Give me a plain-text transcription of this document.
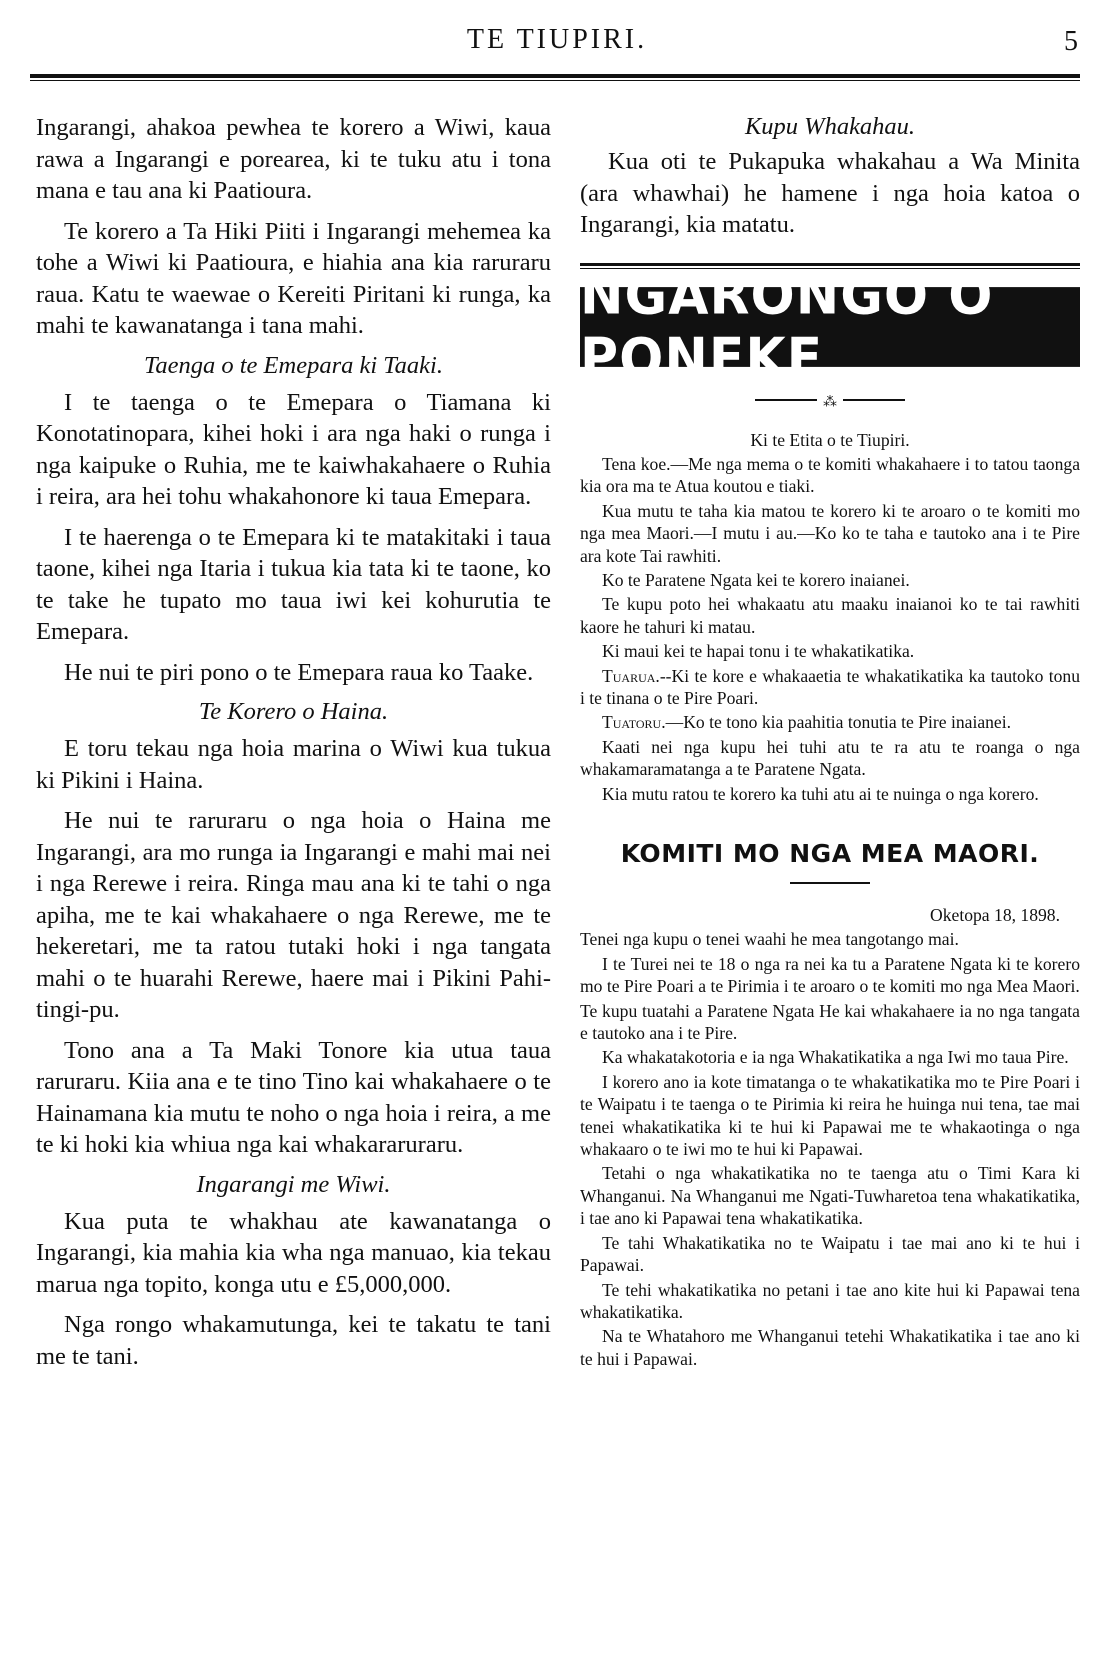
TE TIUPIRI.	5

Ingarangi, ahakoa pewhea te korero a Wiwi, kaua rawa a Ingarangi e porearea, ki te tuku atu i tona mana e tau ana ki Paatioura.

Te korero a Ta Hiki Piiti i Ingarangi mehemea ka tohe a Wiwi ki Paatioura, e hiahia ana kia raruraru raua. Katu te waewae o Kereiti Piritani ki runga, ka mahi te kawanatanga i tana mahi.

Taenga o te Emepara ki Taaki.

I te taenga o te Emepara o Tiamana ki Konotatinopara, kihei hoki i ara nga haki o runga i nga kaipuke o Ruhia, me te kaiwhakahaere o Ruhia i reira, ara hei tohu whakahonore ki taua Emepara.

I te haerenga o te Emepara ki te matakitaki i taua taone, kihei nga Itaria i tukua kia tata ki te taone, ko te take he tupato mo taua iwi kei kohurutia te Emepara.

He nui te piri pono o te Emepara raua ko Taake.

Te Korero o Haina.

E toru tekau nga hoia marina o Wiwi kua tukua ki Pikini i Haina.

He nui te raruraru o nga hoia o Haina me Ingarangi, ara mo runga ia Ingarangi e mahi mai nei i nga Rerewe i reira. Ringa mau ana ki te tahi o nga apiha, me te kai whakahaere o nga Rerewe, me te hekeretari, me ta ratou tutaki hoki i nga tangata mahi o te huarahi Rerewe, haere mai i Pikini Pahi-tingi-pu.

Tono ana a Ta Maki Tonore kia utua taua raruraru. Kiia ana e te tino Tino kai whakahaere o te Hainamana kia mutu te noho o nga hoia i reira, a me te ki hoki kia whiua nga kai whakararuraru.

Ingarangi me Wiwi.

Kua puta te whakhau ate kawanatanga o Ingarangi, kia mahia kia wha nga manuao, kia tekau marua nga topito, konga utu e £5,000,000.

Nga rongo whakamutunga, kei te takatu te tani me te tani.

Kupu Whakahau.

Kua oti te Pukapuka whakahau a Wa Minita (ara whawhai) he hamene i nga hoia katoa o Ingarangi, kia matatu.

NGARONGO O PONEKE
⁂

Ki te Etita o te Tiupiri.

Tena koe.—Me nga mema o te komiti whakahaere i to tatou taonga kia ora ma te Atua koutou e tiaki.

Kua mutu te taha kia matou te korero ki te aroaro o te komiti mo nga mea Maori.—I mutu i au.—Ko ko te taha e tautoko ana i te Pire ara kote Tai rawhiti.

Ko te Paratene Ngata kei te korero inaianei.

Te kupu poto hei whakaatu atu maaku inaianoi ko te tai rawhiti kaore he tahuri ki matau.

Ki maui kei te hapai tonu i te whakatikatika.

Tuarua.--Ki te kore e whakaaetia te whakatikatika ka tautoko tonu i te tinana o te Pire Poari.

Tuatoru.—Ko te tono kia paahitia tonutia te Pire inaianei.

Kaati nei nga kupu hei tuhi atu te ra atu te roanga o nga whakamaramatanga a te Paratene Ngata.

Kia mutu ratou te korero ka tuhi atu ai te nuinga o nga korero.

KOMITI MO NGA MEA MAORI.

Oketopa 18, 1898.

Tenei nga kupu o tenei waahi he mea tangotango mai.

I te Turei nei te 18 o nga ra nei ka tu a Paratene Ngata ki te korero mo te Pire Poari a te Pirimia i te aroaro o te komiti mo nga Mea Maori.

Te kupu tuatahi a Paratene Ngata He kai whakahaere ia no nga tangata e tautoko ana i te Pire.

Ka whakatakotoria e ia nga Whakatikatika a nga Iwi mo taua Pire.

I korero ano ia kote timatanga o te whakatikatika mo te Pire Poari i te Waipatu i te taenga o te Pirimia ki reira he huinga nui tena, tae mai tenei whakatikatika ki te hui ki Papawai me te whakaotinga o nga whakaaro o te iwi mo te hui ki Papawai.

Tetahi o nga whakatikatika no te taenga atu o Timi Kara ki Whanganui. Na Whanganui me Ngati-Tuwharetoa tena whakatikatika, i tae ano ki Papawai tena whakatikatika.

Te tahi Whakatikatika no te Waipatu i tae mai ano ki te hui i Papawai.

Te tehi whakatikatika no petani i tae ano kite hui ki Papawai tena whakatikatika.

Na te Whatahoro me Whanganui tetehi Whakatikatika i tae ano ki te hui i Papawai.
